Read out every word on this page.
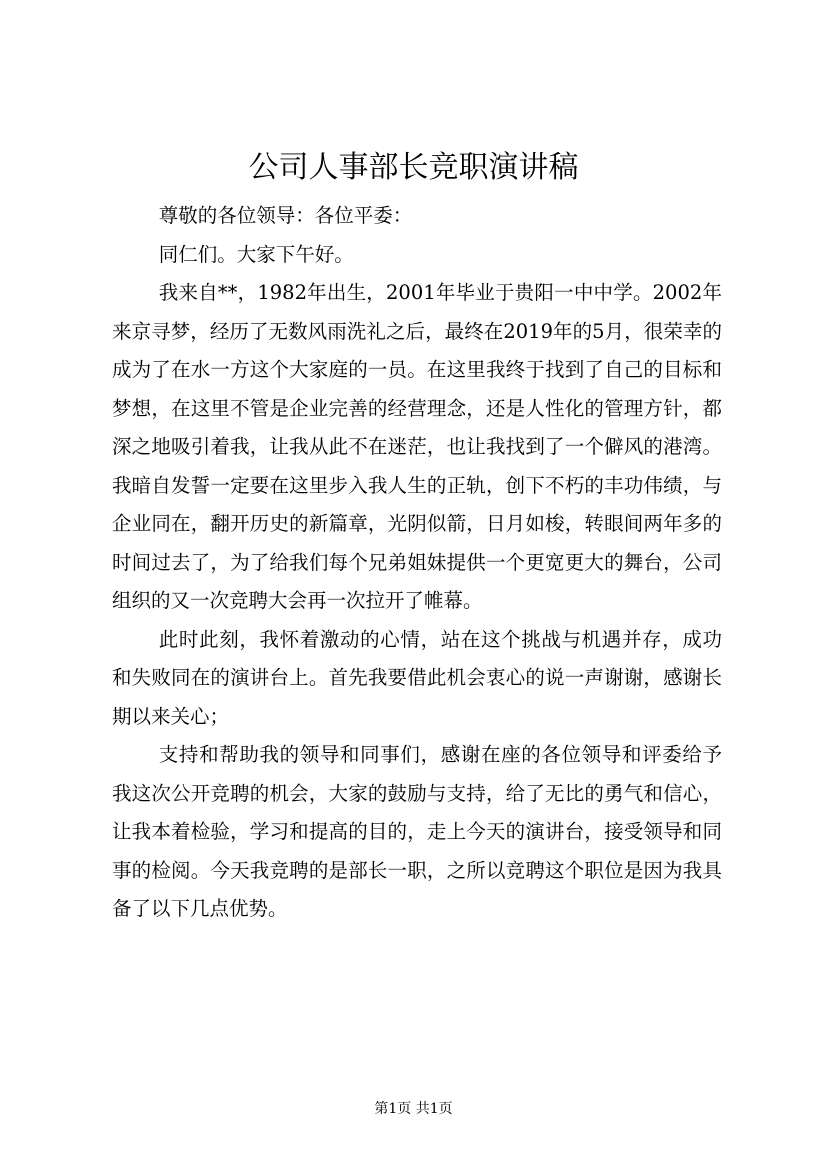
公司人事部长竞职演讲稿

尊敬的各位领导：各位平委：

同仁们。大家下午好。

我来自**，1982年出生，2001年毕业于贵阳一中中学。2002年来京寻梦，经历了无数风雨洗礼之后，最终在2019年的5月，很荣幸的成为了在水一方这个大家庭的一员。在这里我终于找到了自己的目标和梦想，在这里不管是企业完善的经营理念，还是人性化的管理方针，都深之地吸引着我，让我从此不在迷茫，也让我找到了一个僻风的港湾。我暗自发誓一定要在这里步入我人生的正轨，创下不朽的丰功伟绩，与企业同在，翻开历史的新篇章，光阴似箭，日月如梭，转眼间两年多的时间过去了，为了给我们每个兄弟姐妹提供一个更宽更大的舞台，公司组织的又一次竞聘大会再一次拉开了帷幕。

此时此刻，我怀着激动的心情，站在这个挑战与机遇并存，成功和失败同在的演讲台上。首先我要借此机会衷心的说一声谢谢，感谢长期以来关心；

支持和帮助我的领导和同事们，感谢在座的各位领导和评委给予我这次公开竞聘的机会，大家的鼓励与支持，给了无比的勇气和信心，让我本着检验，学习和提高的目的，走上今天的演讲台，接受领导和同事的检阅。今天我竞聘的是部长一职，之所以竞聘这个职位是因为我具备了以下几点优势。

第1页 共1页
